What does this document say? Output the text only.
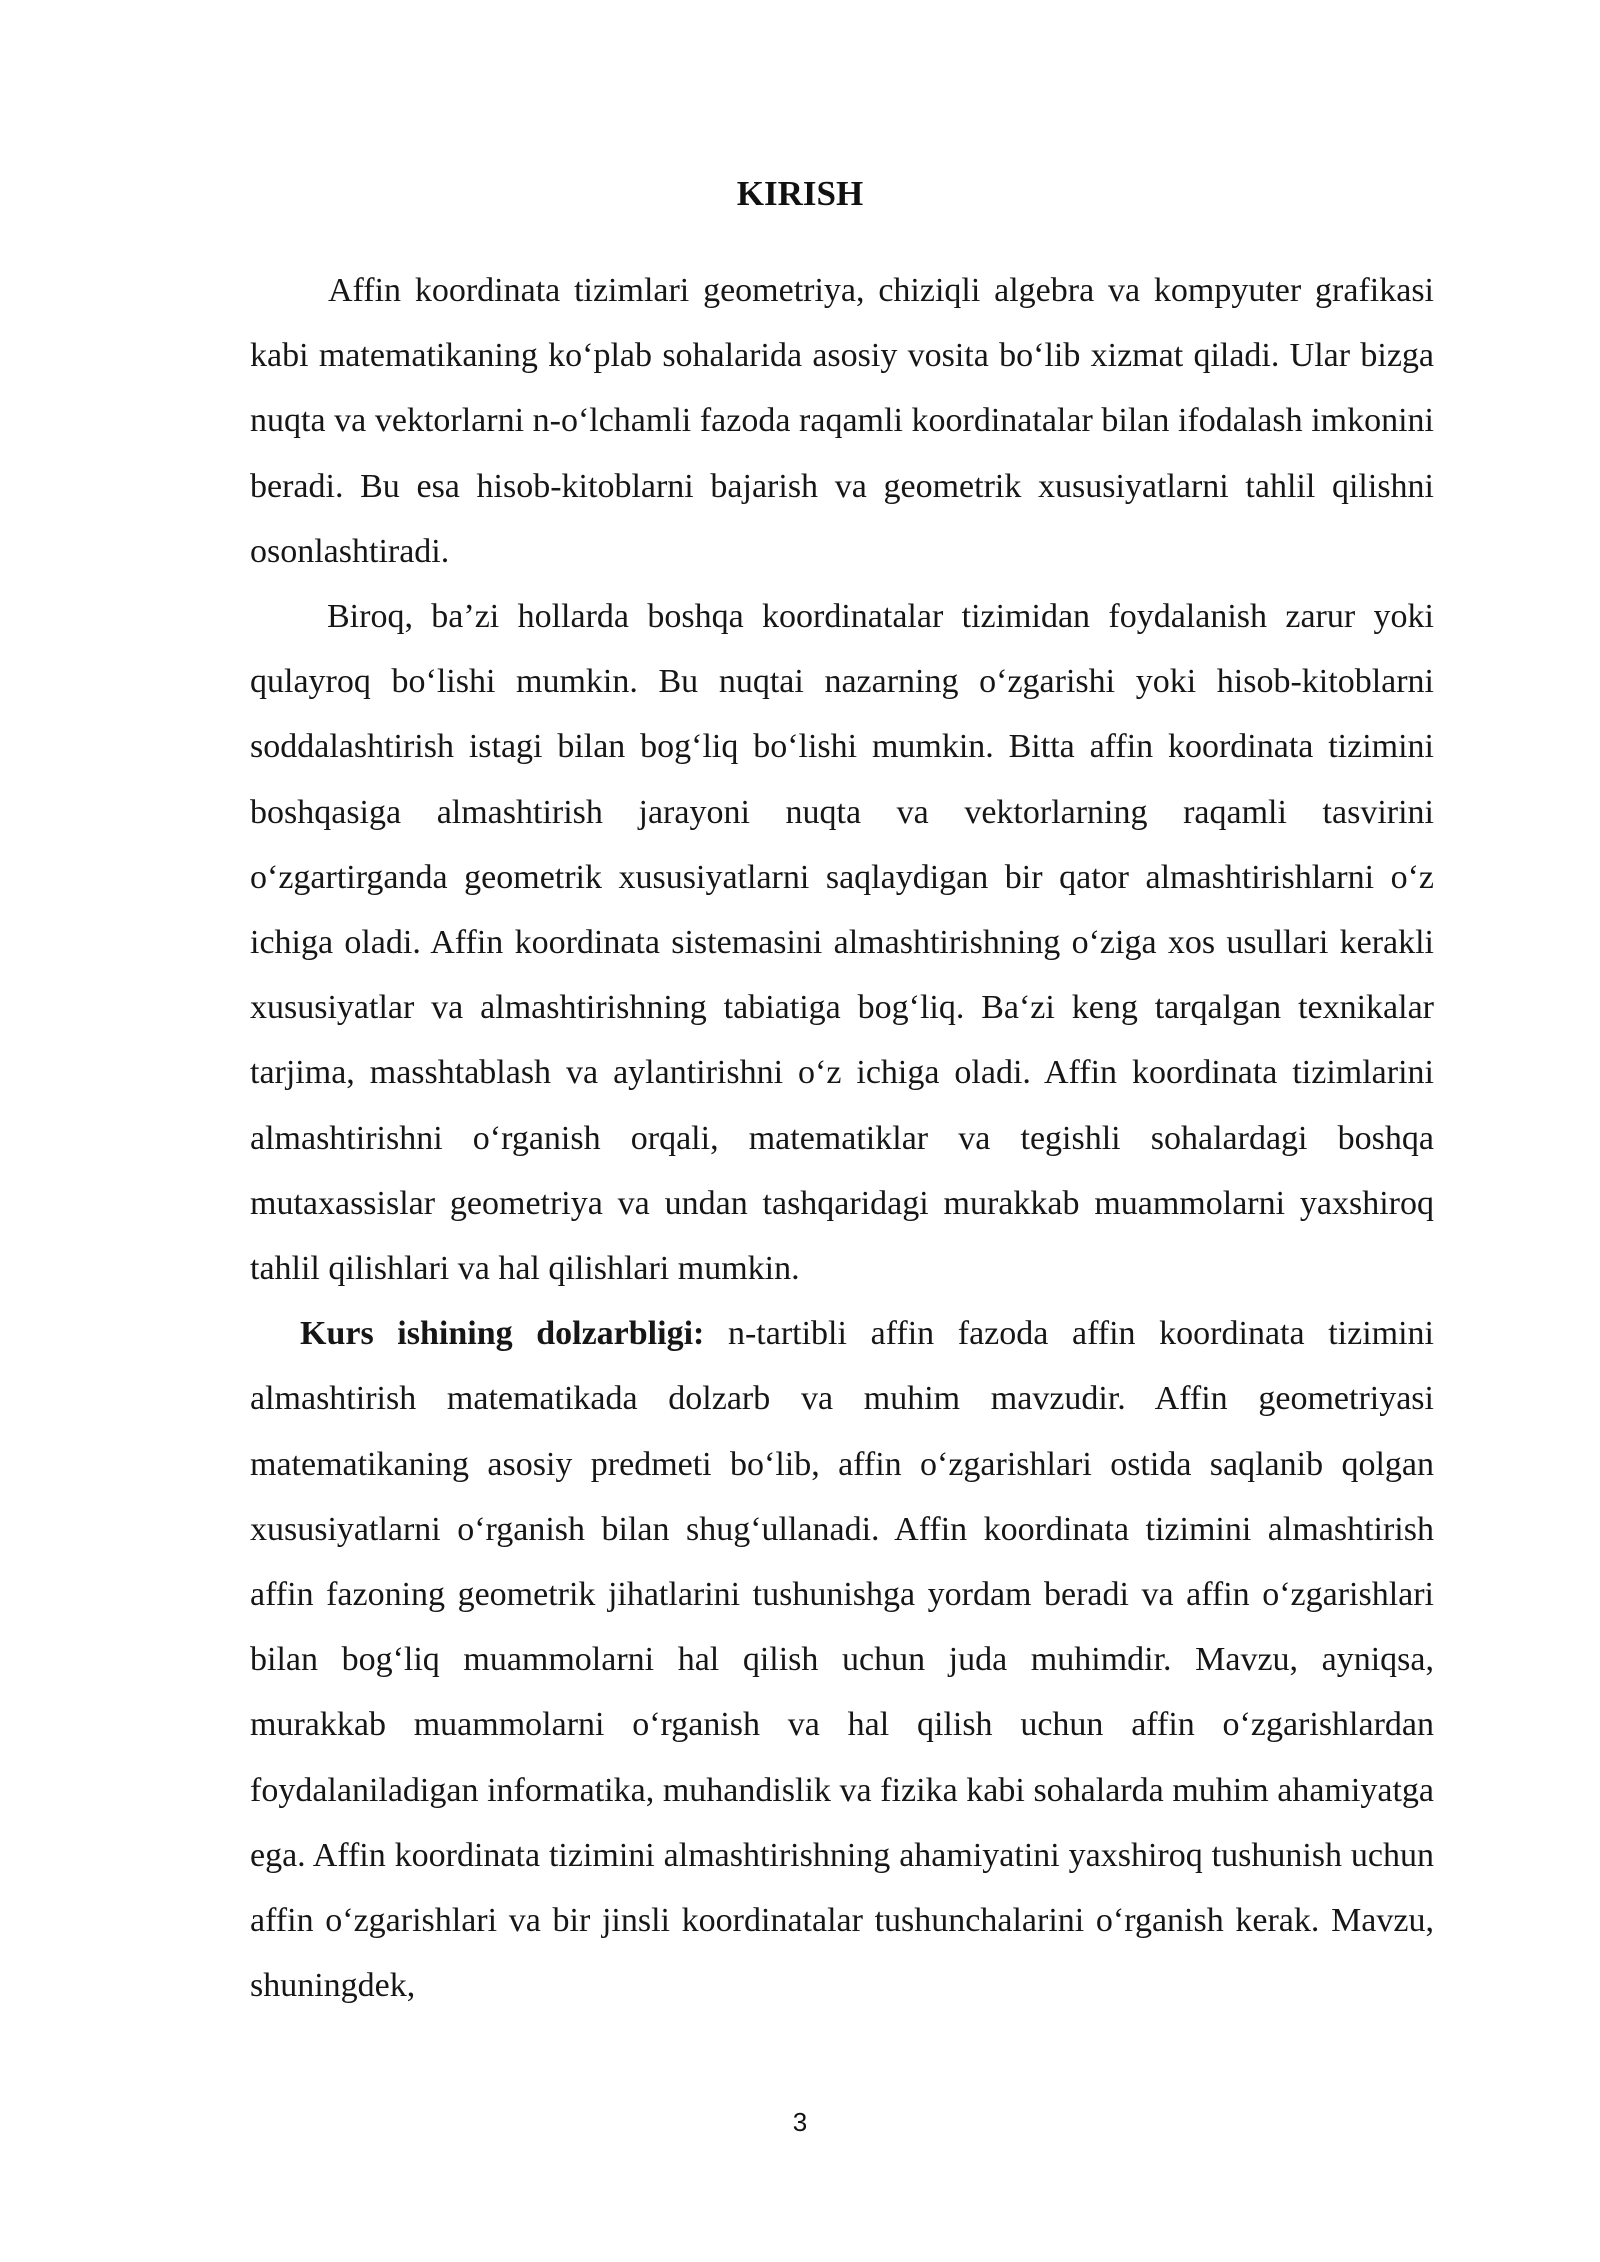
KIRISH

Affin koordinata tizimlari geometriya, chiziqli algebra va kompyuter grafikasi kabi matematikaning ko‘plab sohalarida asosiy vosita bo‘lib xizmat qiladi. Ular bizga nuqta va vektorlarni n-o‘lchamli fazoda raqamli koordinatalar bilan ifodalash imkonini beradi. Bu esa hisob-kitoblarni bajarish va geometrik xususiyatlarni tahlil qilishni osonlashtiradi.

Biroq, ba’zi hollarda boshqa koordinatalar tizimidan foydalanish zarur yoki qulayroq bo‘lishi mumkin. Bu nuqtai nazarning o‘zgarishi yoki hisob-kitoblarni soddalashtirish istagi bilan bog‘liq bo‘lishi mumkin. Bitta affin koordinata tizimini boshqasiga almashtirish jarayoni nuqta va vektorlarning raqamli tasvirini o‘zgartirganda geometrik xususiyatlarni saqlaydigan bir qator almashtirishlarni o‘z ichiga oladi. Affin koordinata sistemasini almashtirishning o‘ziga xos usullari kerakli xususiyatlar va almashtirishning tabiatiga bog‘liq. Ba‘zi keng tarqalgan texnikalar tarjima, masshtablash va aylantirishni o‘z ichiga oladi. Affin koordinata tizimlarini almashtirishni o‘rganish orqali, matematiklar va tegishli sohalardagi boshqa mutaxassislar geometriya va undan tashqaridagi murakkab muammolarni yaxshiroq tahlil qilishlari va hal qilishlari mumkin.

Kurs ishining dolzarbligi: n-tartibli affin fazoda affin koordinata tizimini almashtirish matematikada dolzarb va muhim mavzudir. Affin geometriyasi matematikaning asosiy predmeti bo‘lib, affin o‘zgarishlari ostida saqlanib qolgan xususiyatlarni o‘rganish bilan shug‘ullanadi. Affin koordinata tizimini almashtirish affin fazoning geometrik jihatlarini tushunishga yordam beradi va affin o‘zgarishlari bilan bog‘liq muammolarni hal qilish uchun juda muhimdir. Mavzu, ayniqsa, murakkab muammolarni o‘rganish va hal qilish uchun affin o‘zgarishlardan foydalaniladigan informatika, muhandislik va fizika kabi sohalarda muhim ahamiyatga ega. Affin koordinata tizimini almashtirishning ahamiyatini yaxshiroq tushunish uchun affin o‘zgarishlari va bir jinsli koordinatalar tushunchalarini o‘rganish kerak. Mavzu, shuningdek,

3
